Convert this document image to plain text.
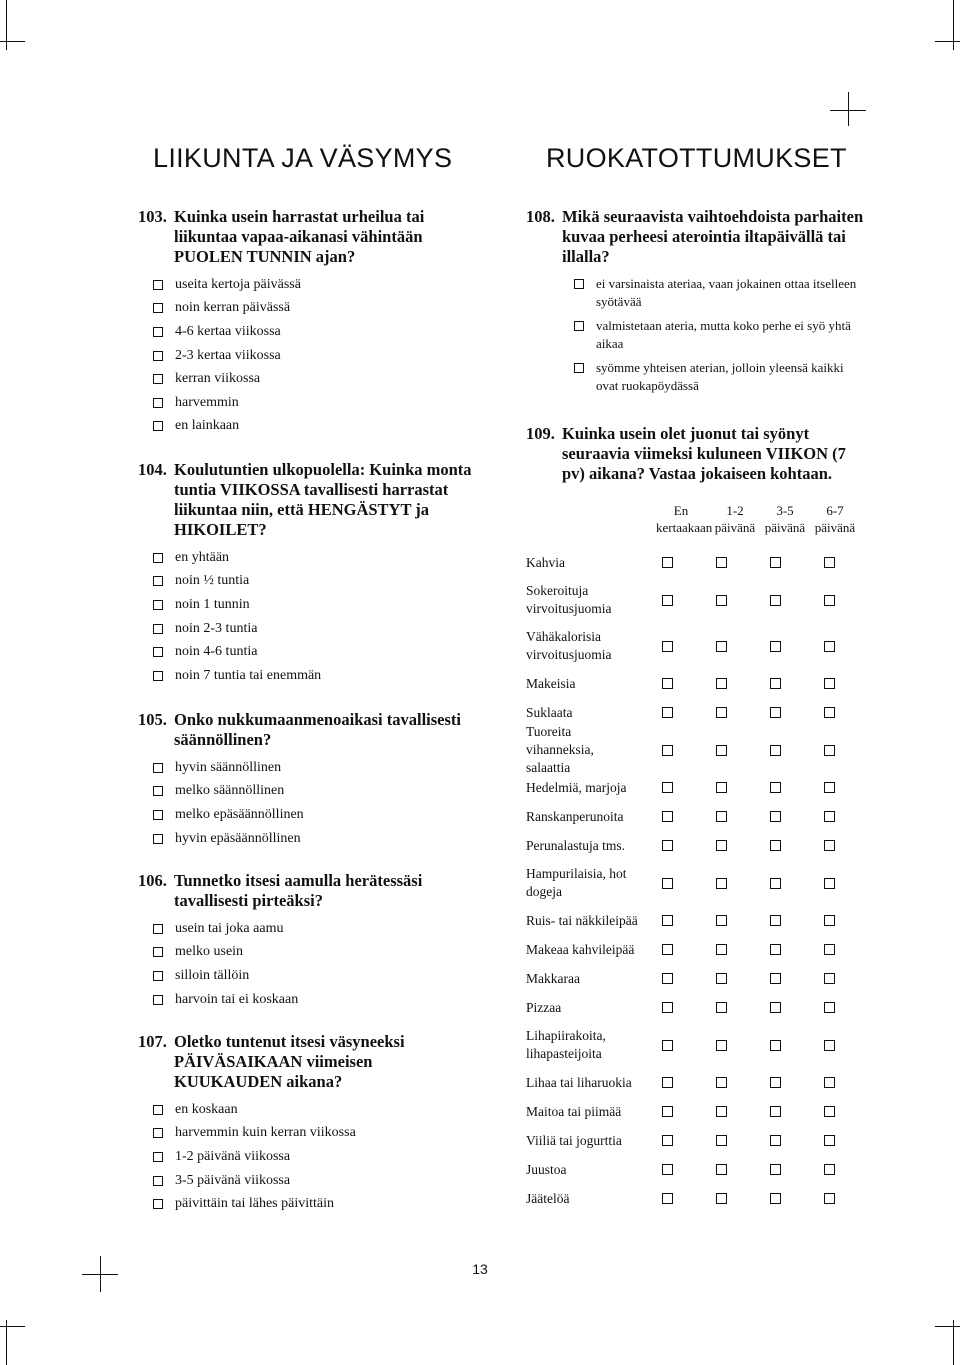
LIIKUNTA JA VÄSYMYS	RUOKATOTTUMUKSET
103. Kuinka usein harrastat urheilua tai liikuntaa vapaa-aikanasi vähintään PUOLEN TUNNIN ajan?
useita kertoja päivässä
noin kerran päivässä
4-6 kertaa viikossa
2-3 kertaa viikossa
kerran viikossa
harvemmin
en lainkaan
104. Koulutuntien ulkopuolella: Kuinka monta tuntia VIIKOSSA tavallisesti harrastat liikuntaa niin, että HENGÄSTYT ja HIKOILET?
en yhtään
noin ½ tuntia
noin 1 tunnin
noin 2-3 tuntia
noin 4-6 tuntia
noin 7 tuntia tai enemmän
105. Onko nukkumaanmenoaikasi tavallisesti säännöllinen?
hyvin säännöllinen
melko säännöllinen
melko epäsäännöllinen
hyvin epäsäännöllinen
106. Tunnetko itsesi aamulla herätessäsi tavallisesti pirteäksi?
usein tai joka aamu
melko usein
silloin tällöin
harvoin tai ei koskaan
107. Oletko tuntenut itsesi väsyneeksi PÄIVÄSAIKAAN viimeisen KUUKAUDEN aikana?
en koskaan
harvemmin kuin kerran viikossa
1-2 päivänä viikossa
3-5 päivänä viikossa
päivittäin tai lähes päivittäin
108. Mikä seuraavista vaihtoehdoista parhaiten kuvaa perheesi aterointia iltapäivällä tai illalla?
ei varsinaista ateriaa, vaan jokainen ottaa itselleen syötävää
valmistetaan ateria, mutta koko perhe ei syö yhtä aikaa
syömme yhteisen aterian, jolloin yleensä kaikki ovat ruokapöydässä
109. Kuinka usein olet juonut tai syönyt seuraavia viimeksi kuluneen VIIKON (7 pv) aikana? Vastaa jokaiseen kohtaan.
En kertaakaan
1-2 päivänä
3-5 päivänä
6-7 päivänä
Kahvia
Sokeroituja virvoitusjuomia
Vähäkalorisia virvoitusjuomia
Makeisia
Suklaata
Tuoreita vihanneksia, salaattia
Hedelmiä, marjoja
Ranskanperunoita
Perunalastuja tms.
Hampurilaisia, hot dogeja
Ruis- tai näkkileipää
Makeaa kahvileipää
Makkaraa
Pizzaa
Lihapiirakoita, lihapasteijoita
Lihaa tai liharuokia
Maitoa tai piimää
Viiliä tai jogurttia
Juustoa
Jäätelöä
13
